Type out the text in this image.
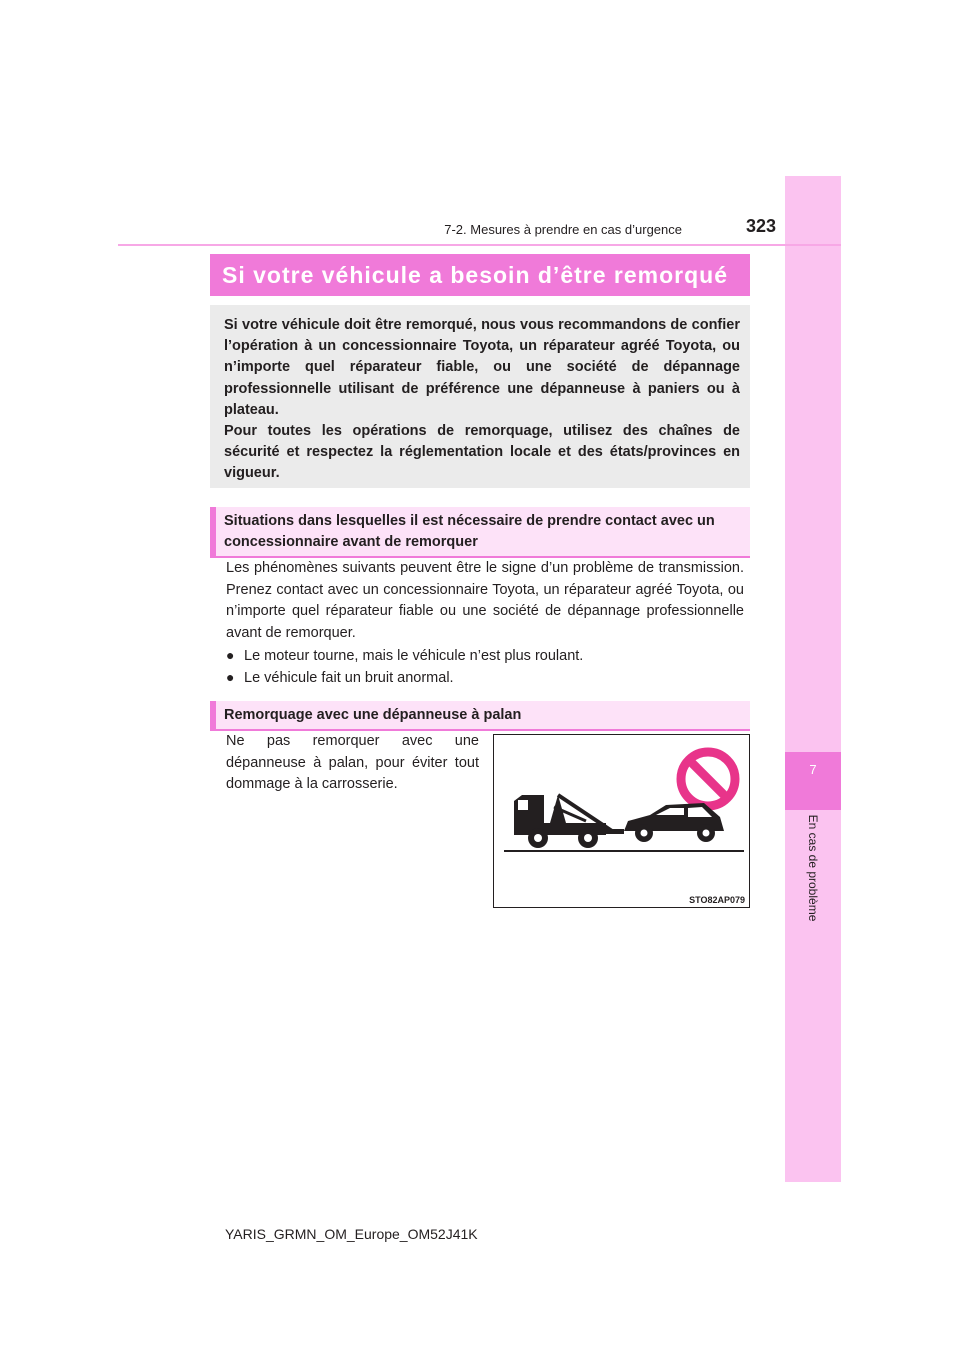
7
En cas de problème
7-2. Mesures à prendre en cas d’urgence	323
Si votre véhicule a besoin d’être remorqué

Si votre véhicule doit être remorqué, nous vous recommandons de confier l’opération à un concessionnaire Toyota, un réparateur agréé Toyota, ou n’importe quel réparateur fiable, ou une société de dépannage professionnelle utilisant de préférence une dépanneuse à paniers ou à plateau.

Pour toutes les opérations de remorquage, utilisez des chaînes de sécurité et respectez la réglementation locale et des états/provinces en vigueur.

Situations dans lesquelles il est nécessaire de prendre contact avec un concessionnaire avant de remorquer
Les phénomènes suivants peuvent être le signe d’un problème de transmission. Prenez contact avec un concessionnaire Toyota, un réparateur agréé Toyota, ou n’importe quel réparateur fiable ou une société de dépannage professionnelle avant de remorquer.
● Le moteur tourne, mais le véhicule n’est plus roulant.
● Le véhicule fait un bruit anormal.
Remorquage avec une dépanneuse à palan
Ne pas remorquer avec une dépanneuse à palan, pour éviter tout dommage à la carrosserie.
STO82AP079
YARIS_GRMN_OM_Europe_OM52J41K
